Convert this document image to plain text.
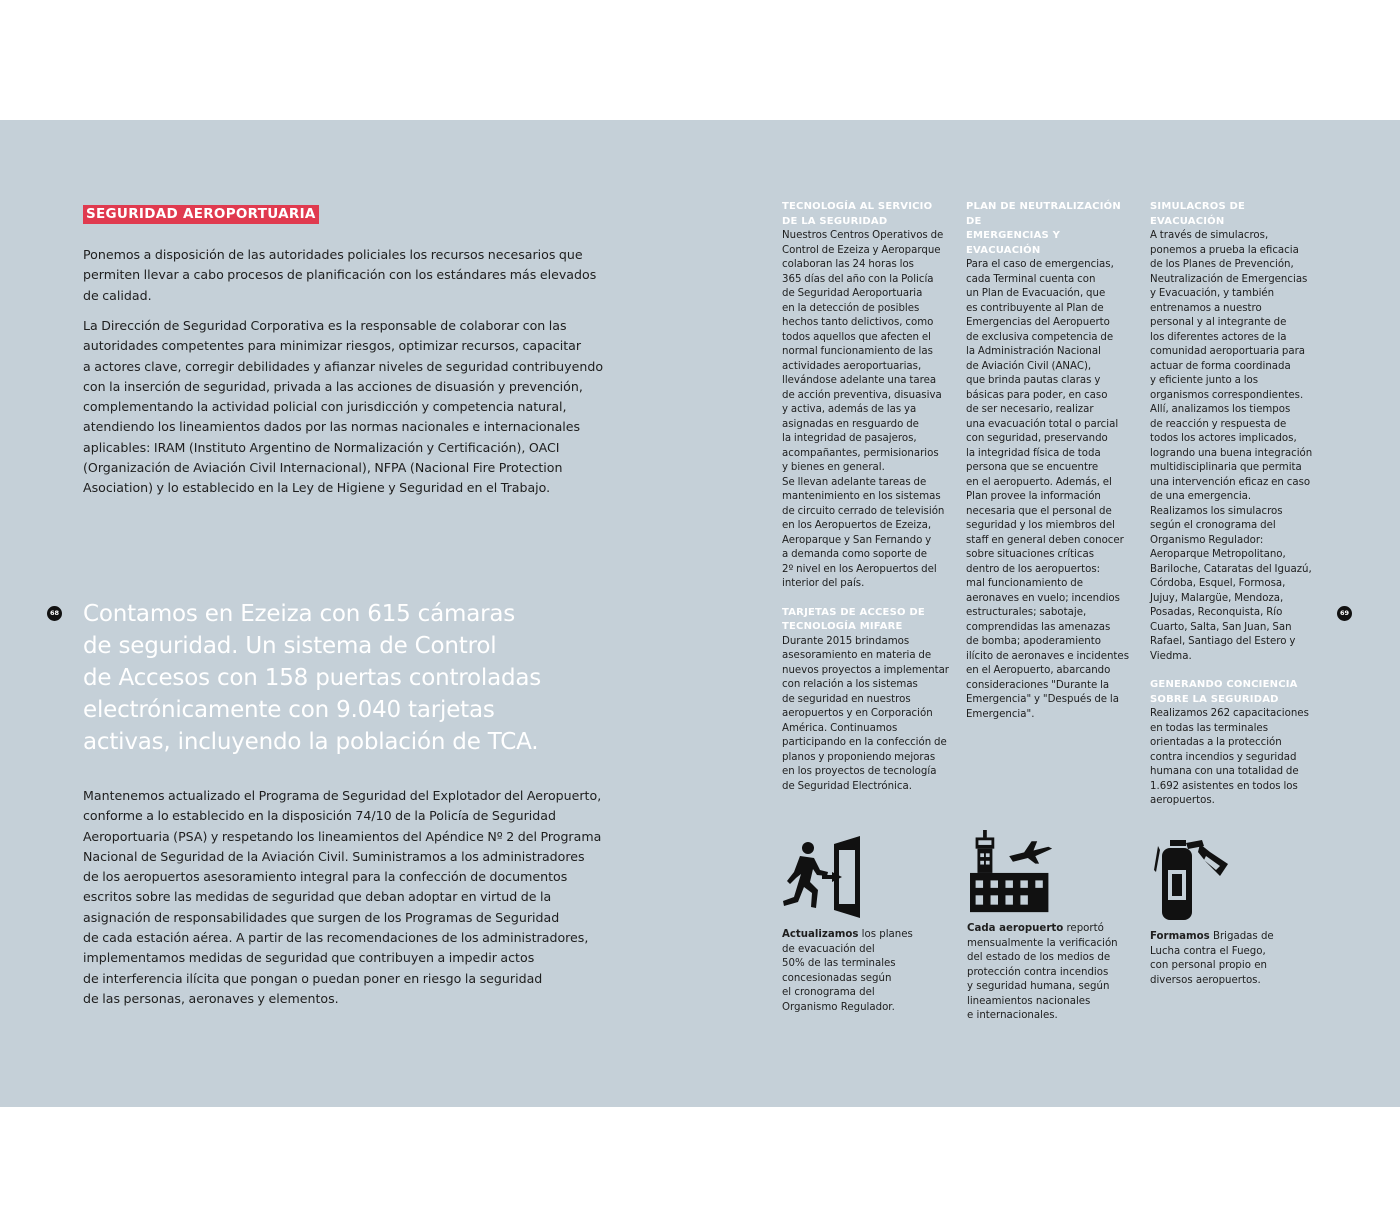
SEGURIDAD AEROPORTUARIA

Ponemos a disposición de las autoridades policiales los recursos necesarios que
permiten llevar a cabo procesos de planificación con los estándares más elevados
de calidad.

La Dirección de Seguridad Corporativa es la responsable de colaborar con las
autoridades competentes para minimizar riesgos, optimizar recursos, capacitar
a actores clave, corregir debilidades y afianzar niveles de seguridad contribuyendo
con la inserción de seguridad, privada a las acciones de disuasión y prevención,
complementando la actividad policial con jurisdicción y competencia natural,
atendiendo los lineamientos dados por las normas nacionales e internacionales
aplicables: IRAM (Instituto Argentino de Normalización y Certificación), OACI
(Organización de Aviación Civil Internacional), NFPA (Nacional Fire Protection
Asociation) y lo establecido en la Ley de Higiene y Seguridad en el Trabajo.

68 Contamos en Ezeiza con 615 cámaras
de seguridad. Un sistema de Control
de Accesos con 158 puertas controladas
electrónicamente con 9.040 tarjetas
activas, incluyendo la población de TCA.

Mantenemos actualizado el Programa de Seguridad del Explotador del Aeropuerto,
conforme a lo establecido en la disposición 74/10 de la Policía de Seguridad
Aeroportuaria (PSA) y respetando los lineamientos del Apéndice Nº 2 del Programa
Nacional de Seguridad de la Aviación Civil. Suministramos a los administradores
de los aeropuertos asesoramiento integral para la confección de documentos
escritos sobre las medidas de seguridad que deban adoptar en virtud de la
asignación de responsabilidades que surgen de los Programas de Seguridad
de cada estación aérea. A partir de las recomendaciones de los administradores,
implementamos medidas de seguridad que contribuyen a impedir actos
de interferencia ilícita que pongan o puedan poner en riesgo la seguridad
de las personas, aeronaves y elementos.

69

TECNOLOGÍA AL SERVICIO
DE LA SEGURIDAD

Nuestros Centros Operativos de
Control de Ezeiza y Aeroparque
colaboran las 24 horas los
365 días del año con la Policía
de Seguridad Aeroportuaria
en la detección de posibles
hechos tanto delictivos, como
todos aquellos que afecten el
normal funcionamiento de las
actividades aeroportuarias,
llevándose adelante una tarea
de acción preventiva, disuasiva
y activa, además de las ya
asignadas en resguardo de
la integridad de pasajeros,
acompañantes, permisionarios
y bienes en general.
Se llevan adelante tareas de
mantenimiento en los sistemas
de circuito cerrado de televisión
en los Aeropuertos de Ezeiza,
Aeroparque y San Fernando y
a demanda como soporte de
2º nivel en los Aeropuertos del
interior del país.

TARJETAS DE ACCESO DE
TECNOLOGÍA MIFARE

Durante 2015 brindamos
asesoramiento en materia de
nuevos proyectos a implementar
con relación a los sistemas
de seguridad en nuestros
aeropuertos y en Corporación
América. Continuamos
participando en la confección de
planos y proponiendo mejoras
en los proyectos de tecnología
de Seguridad Electrónica.

PLAN DE NEUTRALIZACIÓN DE
EMERGENCIAS Y EVACUACIÓN

Para el caso de emergencias,
cada Terminal cuenta con
un Plan de Evacuación, que
es contribuyente al Plan de
Emergencias del Aeropuerto
de exclusiva competencia de
la Administración Nacional
de Aviación Civil (ANAC),
que brinda pautas claras y
básicas para poder, en caso
de ser necesario, realizar
una evacuación total o parcial
con seguridad, preservando
la integridad física de toda
persona que se encuentre
en el aeropuerto. Además, el
Plan provee la información
necesaria que el personal de
seguridad y los miembros del
staff en general deben conocer
sobre situaciones críticas
dentro de los aeropuertos:
mal funcionamiento de
aeronaves en vuelo; incendios
estructurales; sabotaje,
comprendidas las amenazas
de bomba; apoderamiento
ilícito de aeronaves e incidentes
en el Aeropuerto, abarcando
consideraciones "Durante la
Emergencia" y "Después de la
Emergencia".

SIMULACROS DE EVACUACIÓN

A través de simulacros,
ponemos a prueba la eficacia
de los Planes de Prevención,
Neutralización de Emergencias
y Evacuación, y también
entrenamos a nuestro
personal y al integrante de
los diferentes actores de la
comunidad aeroportuaria para
actuar de forma coordinada
y eficiente junto a los
organismos correspondientes.
Allí, analizamos los tiempos
de reacción y respuesta de
todos los actores implicados,
logrando una buena integración
multidisciplinaria que permita
una intervención eficaz en caso
de una emergencia.
Realizamos los simulacros
según el cronograma del
Organismo Regulador:
Aeroparque Metropolitano,
Bariloche, Cataratas del Iguazú,
Córdoba, Esquel, Formosa,
Jujuy, Malargüe, Mendoza,
Posadas, Reconquista, Río
Cuarto, Salta, San Juan, San
Rafael, Santiago del Estero y
Viedma.

GENERANDO CONCIENCIA
SOBRE LA SEGURIDAD

Realizamos 262 capacitaciones
en todas las terminales
orientadas a la protección
contra incendios y seguridad
humana con una totalidad de
1.692 asistentes en todos los
aeropuertos.

Actualizamos los planes
de evacuación del
50% de las terminales
concesionadas según
el cronograma del
Organismo Regulador.

Cada aeropuerto reportó
mensualmente la verificación
del estado de los medios de
protección contra incendios
y seguridad humana, según
lineamientos nacionales
e internacionales.

Formamos Brigadas de
Lucha contra el Fuego,
con personal propio en
diversos aeropuertos.
